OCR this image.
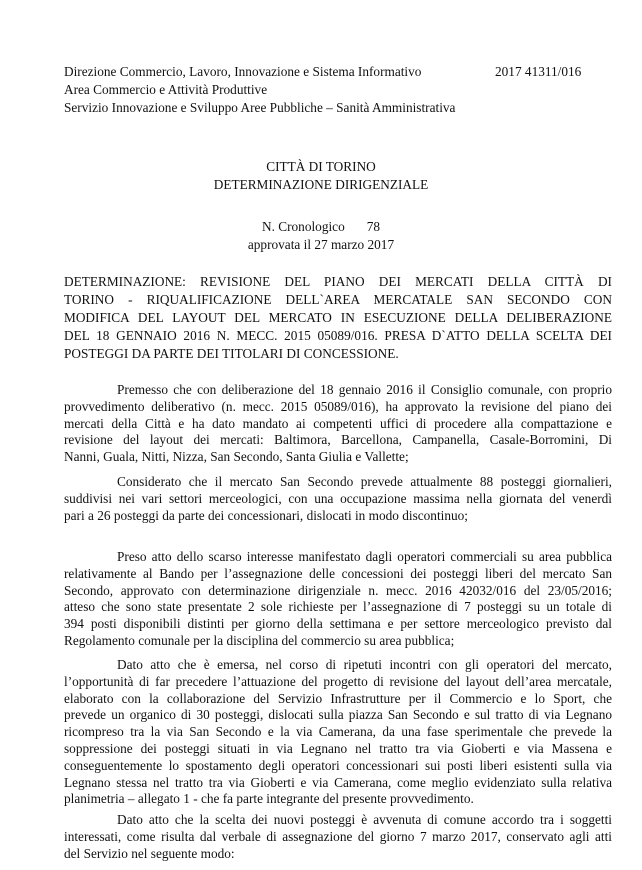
Direzione Commercio, Lavoro, Innovazione e Sistema Informativo
Area Commercio e Attività Produttive
Servizio Innovazione e Sviluppo Aree Pubbliche – Sanità Amministrativa
2017 41311/016
CITTÀ DI TORINO
DETERMINAZIONE DIRIGENZIALE
N. Cronologico 78
approvata il 27 marzo 2017
DETERMINAZIONE: REVISIONE DEL PIANO DEI MERCATI DELLA CITTÀ DI
TORINO - RIQUALIFICAZIONE DELL`AREA MERCATALE SAN SECONDO CON
MODIFICA DEL LAYOUT DEL MERCATO IN ESECUZIONE DELLA DELIBERAZIONE
DEL 18 GENNAIO 2016 N. MECC. 2015 05089/016. PRESA D`ATTO DELLA SCELTA DEI
POSTEGGI DA PARTE DEI TITOLARI DI CONCESSIONE.
Premesso che con deliberazione del 18 gennaio 2016 il Consiglio comunale, con proprio
provvedimento deliberativo (n. mecc. 2015 05089/016), ha approvato la revisione del piano dei
mercati della Città e ha dato mandato ai competenti uffici di procedere alla compattazione e
revisione del layout dei mercati: Baltimora, Barcellona, Campanella, Casale-Borromini, Di
Nanni, Guala, Nitti, Nizza, San Secondo, Santa Giulia e Vallette;
Considerato che il mercato San Secondo prevede attualmente 88 posteggi giornalieri,
suddivisi nei vari settori merceologici, con una occupazione massima nella giornata del venerdì
pari a 26 posteggi da parte dei concessionari, dislocati in modo discontinuo;
Preso atto dello scarso interesse manifestato dagli operatori commerciali su area pubblica
relativamente al Bando per l’assegnazione delle concessioni dei posteggi liberi del mercato San
Secondo, approvato con determinazione dirigenziale n. mecc. 2016 42032/016 del 23/05/2016;
atteso che sono state presentate 2 sole richieste per l’assegnazione di 7 posteggi su un totale di
394 posti disponibili distinti per giorno della settimana e per settore merceologico previsto dal
Regolamento comunale per la disciplina del commercio su area pubblica;
Dato atto che è emersa, nel corso di ripetuti incontri con gli operatori del mercato,
l’opportunità di far precedere l’attuazione del progetto di revisione del layout dell’area mercatale,
elaborato con la collaborazione del Servizio Infrastrutture per il Commercio e lo Sport, che
prevede un organico di 30 posteggi, dislocati sulla piazza San Secondo e sul tratto di via Legnano
ricompreso tra la via San Secondo e la via Camerana, da una fase sperimentale che prevede la
soppressione dei posteggi situati in via Legnano nel tratto tra via Gioberti e via Massena e
conseguentemente lo spostamento degli operatori concessionari sui posti liberi esistenti sulla via
Legnano stessa nel tratto tra via Gioberti e via Camerana, come meglio evidenziato sulla relativa
planimetria – allegato 1 - che fa parte integrante del presente provvedimento.
Dato atto che la scelta dei nuovi posteggi è avvenuta di comune accordo tra i soggetti
interessati, come risulta dal verbale di assegnazione del giorno 7 marzo 2017, conservato agli atti
del Servizio nel seguente modo:
